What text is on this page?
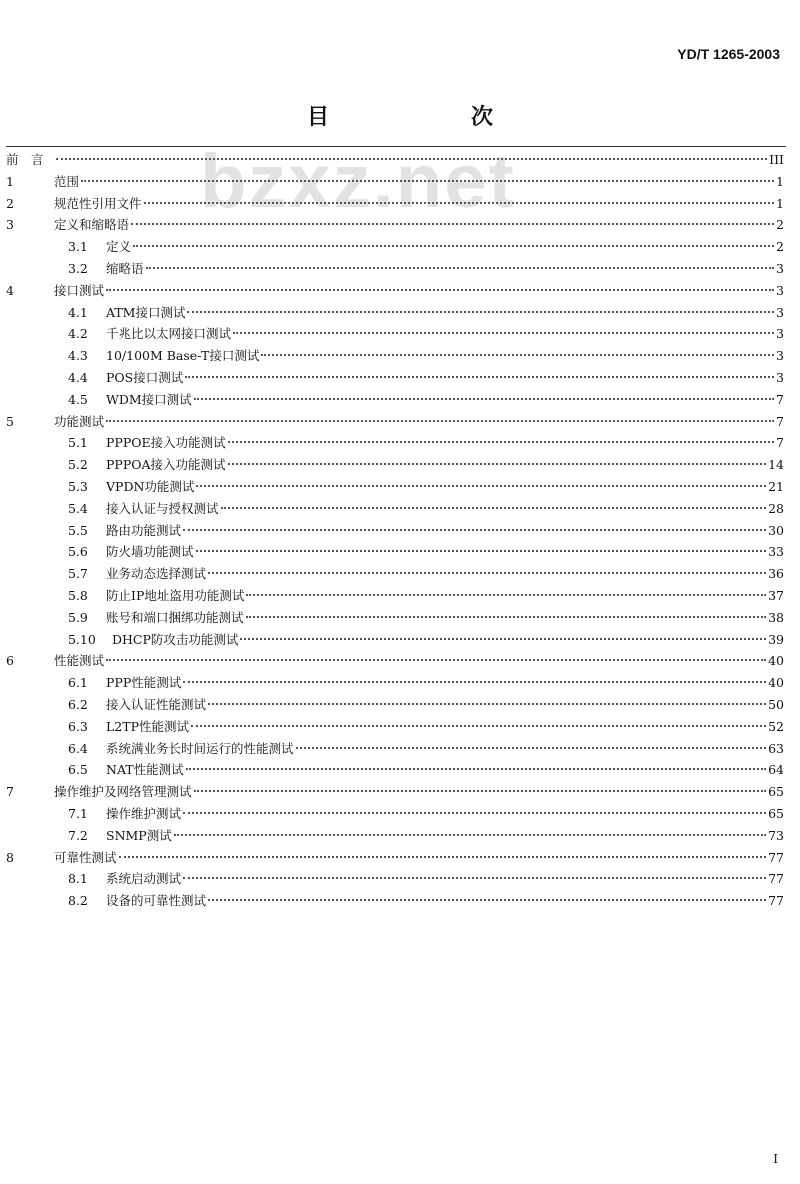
bzxz.net
YD/T 1265-2003
目　次
前　言	III
1	范围	1
2	规范性引用文件	1
3	定义和缩略语	2
3.1	定义	2
3.2	缩略语	3
4	接口测试	3
4.1	ATM接口测试	3
4.2	千兆比以太网接口测试	3
4.3	10/100M Base-T接口测试	3
4.4	POS接口测试	3
4.5	WDM接口测试	7
5	功能测试	7
5.1	PPPOE接入功能测试	7
5.2	PPPOA接入功能测试	14
5.3	VPDN功能测试	21
5.4	接入认证与授权测试	28
5.5	路由功能测试	30
5.6	防火墙功能测试	33
5.7	业务动态选择测试	36
5.8	防止IP地址盗用功能测试	37
5.9	账号和端口捆绑功能测试	38
5.10	DHCP防攻击功能测试	39
6	性能测试	40
6.1	PPP性能测试	40
6.2	接入认证性能测试	50
6.3	L2TP性能测试	52
6.4	系统满业务长时间运行的性能测试	63
6.5	NAT性能测试	64
7	操作维护及网络管理测试	65
7.1	操作维护测试	65
7.2	SNMP测试	73
8	可靠性测试	77
8.1	系统启动测试	77
8.2	设备的可靠性测试	77
I
